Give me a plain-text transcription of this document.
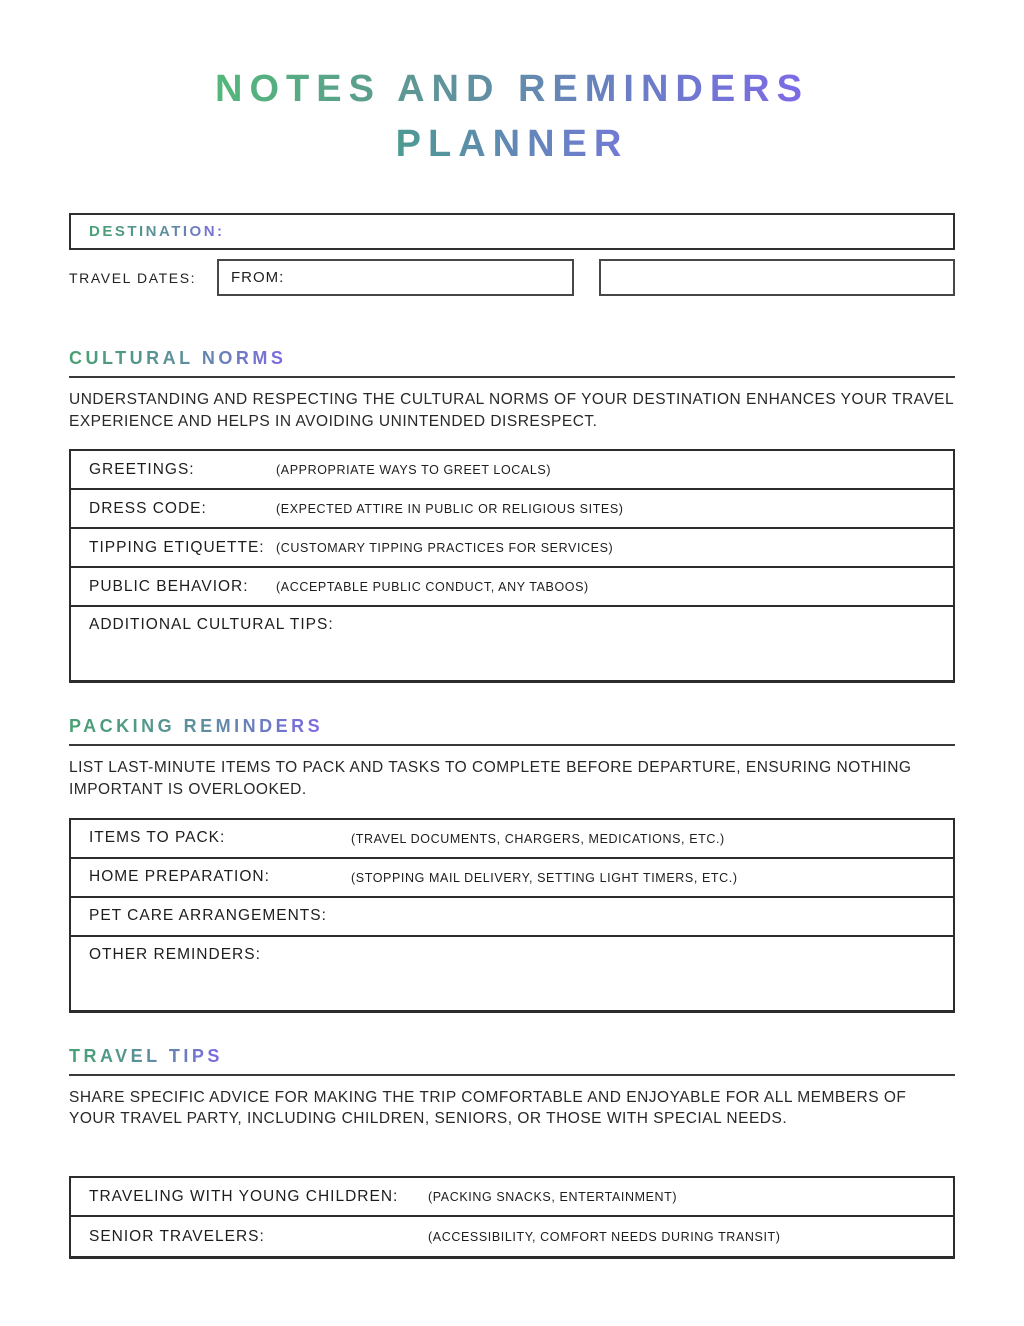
NOTES AND REMINDERS
PLANNER
DESTINATION:
TRAVEL DATES:	FROM:
CULTURAL NORMS

UNDERSTANDING AND RESPECTING THE CULTURAL NORMS OF YOUR DESTINATION ENHANCES YOUR TRAVEL EXPERIENCE AND HELPS IN AVOIDING UNINTENDED DISRESPECT.

GREETINGS:	(APPROPRIATE WAYS TO GREET LOCALS)
DRESS CODE:	(EXPECTED ATTIRE IN PUBLIC OR RELIGIOUS SITES)
TIPPING ETIQUETTE: (CUSTOMARY TIPPING PRACTICES FOR SERVICES)
PUBLIC BEHAVIOR:	(ACCEPTABLE PUBLIC CONDUCT, ANY TABOOS)
ADDITIONAL CULTURAL TIPS:
PACKING REMINDERS

LIST LAST-MINUTE ITEMS TO PACK AND TASKS TO COMPLETE BEFORE DEPARTURE, ENSURING NOTHING IMPORTANT IS OVERLOOKED.

ITEMS TO PACK:	(TRAVEL DOCUMENTS, CHARGERS, MEDICATIONS, ETC.)
HOME PREPARATION:	(STOPPING MAIL DELIVERY, SETTING LIGHT TIMERS, ETC.)
PET CARE ARRANGEMENTS:
OTHER REMINDERS:
TRAVEL TIPS

SHARE SPECIFIC ADVICE FOR MAKING THE TRIP COMFORTABLE AND ENJOYABLE FOR ALL MEMBERS OF YOUR TRAVEL PARTY, INCLUDING CHILDREN, SENIORS, OR THOSE WITH SPECIAL NEEDS.

TRAVELING WITH YOUNG CHILDREN:	(PACKING SNACKS, ENTERTAINMENT)
SENIOR TRAVELERS:	(ACCESSIBILITY, COMFORT NEEDS DURING TRANSIT)
